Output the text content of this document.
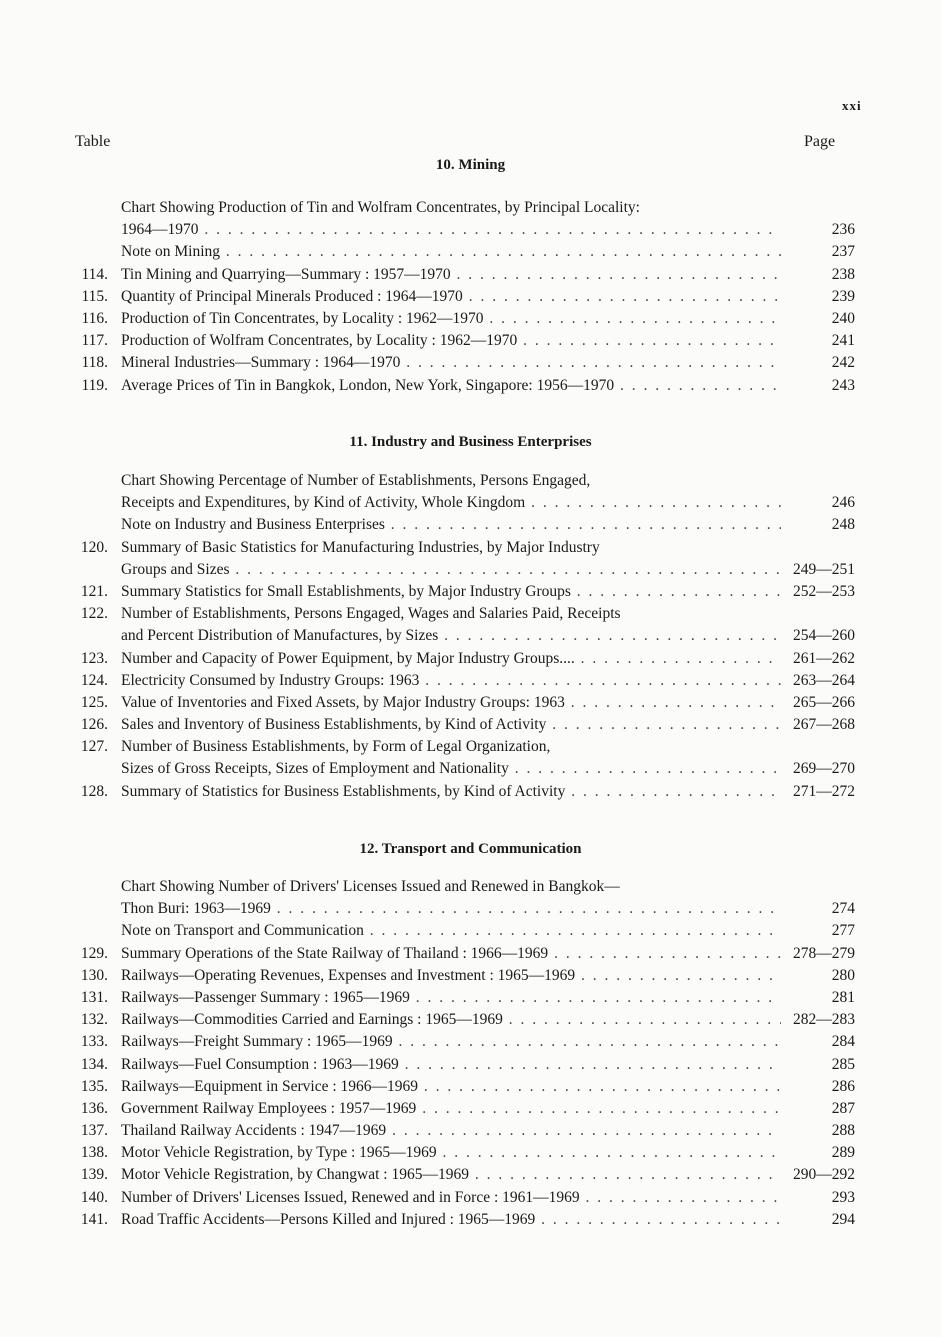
xxi
Table	Page
10. Mining
Chart Showing Production of Tin and Wolfram Concentrates, by Principal Locality:
1964—1970 . . .	236
Note on Mining . . .	237
114. Tin Mining and Quarrying—Summary : 1957—1970 . . .	238
115. Quantity of Principal Minerals Produced : 1964—1970 . . .	239
116. Production of Tin Concentrates, by Locality : 1962—1970 . . .	240
117. Production of Wolfram Concentrates, by Locality : 1962—1970 . . .	241
118. Mineral Industries—Summary : 1964—1970 . . .	242
119. Average Prices of Tin in Bangkok, London, New York, Singapore: 1956—1970 . . .	243
11. Industry and Business Enterprises
Chart Showing Percentage of Number of Establishments, Persons Engaged,
Receipts and Expenditures, by Kind of Activity, Whole Kingdom . . .	246
Note on Industry and Business Enterprises . . .	248
120. Summary of Basic Statistics for Manufacturing Industries, by Major Industry
Groups and Sizes . . .	249—251
121. Summary Statistics for Small Establishments, by Major Industry Groups . . .	252—253
122. Number of Establishments, Persons Engaged, Wages and Salaries Paid, Receipts
and Percent Distribution of Manufactures, by Sizes . . .	254—260
123. Number and Capacity of Power Equipment, by Major Industry Groups.... . . .	261—262
124. Electricity Consumed by Industry Groups: 1963 . . .	263—264
125. Value of Inventories and Fixed Assets, by Major Industry Groups: 1963 . . .	265—266
126. Sales and Inventory of Business Establishments, by Kind of Activity . . .	267—268
127. Number of Business Establishments, by Form of Legal Organization,
Sizes of Gross Receipts, Sizes of Employment and Nationality . . .	269—270
128. Summary of Statistics for Business Establishments, by Kind of Activity . . .	271—272
12. Transport and Communication
Chart Showing Number of Drivers' Licenses Issued and Renewed in Bangkok—
Thon Buri: 1963—1969 . . .	274
Note on Transport and Communication . . .	277
129. Summary Operations of the State Railway of Thailand : 1966—1969 . . .	278—279
130. Railways—Operating Revenues, Expenses and Investment : 1965—1969 . . .	280
131. Railways—Passenger Summary : 1965—1969 . . .	281
132. Railways—Commodities Carried and Earnings : 1965—1969 . . .	282—283
133. Railways—Freight Summary : 1965—1969 . . .	284
134. Railways—Fuel Consumption : 1963—1969 . . .	285
135. Railways—Equipment in Service : 1966—1969 . . .	286
136. Government Railway Employees : 1957—1969 . . .	287
137. Thailand Railway Accidents : 1947—1969 . . .	288
138. Motor Vehicle Registration, by Type : 1965—1969 . . .	289
139. Motor Vehicle Registration, by Changwat : 1965—1969 . . .	290—292
140. Number of Drivers' Licenses Issued, Renewed and in Force : 1961—1969 . . .	293
141. Road Traffic Accidents—Persons Killed and Injured : 1965—1969 . . .	294
